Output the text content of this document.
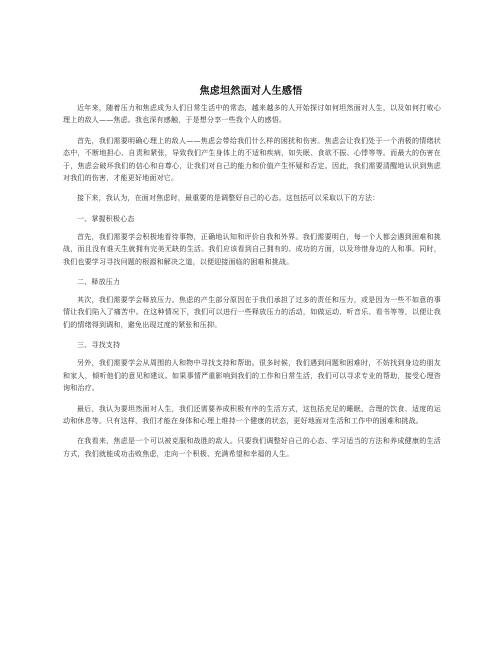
焦虑坦然面对人生感悟

近年来，随着压力和焦虑成为人们日常生活中的常态，越来越多的人开始探讨如何坦然面对人生，以及如何打败心理上的敌人——焦虑。我也深有感触，于是想分享一些我个人的感悟。

首先，我们需要明确心理上的敌人——焦虑会带给我们什么样的困扰和伤害。焦虑会让我们处于一个消极的情绪状态中，不断地担心、自责和紧张，导致我们产生身体上的不适和疾病，如失眠、食欲不振、心悸等等。而最大的伤害在于，焦虑会破坏我们的信心和自尊心，让我们对自己的能力和价值产生怀疑和否定。因此，我们需要清醒地认识到焦虑对我们的伤害，才能更好地面对它。

接下来，我认为，在面对焦虑时，最重要的是调整好自己的心态。这包括可以采取以下的方法：

一、掌握积极心态

首先，我们需要学会积极地看待事物，正确地认知和评价自我和外界。我们需要明白，每一个人都会遇到困难和挑战，而且没有谁天生就拥有完美无缺的生活。我们应该看到自己拥有的、成功的方面，以及珍惜身边的人和事。同时，我们也要学习寻找问题的根源和解决之道，以便迎接面临的困难和挑战。

二、释放压力

其次，我们需要学会释放压力。焦虑的产生部分原因在于我们承担了过多的责任和压力，或是因为一些不如意的事情让我们陷入了痛苦中。在这种情况下，我们可以进行一些释放压力的活动，如做运动、听音乐、看书等等，以便让我们的情绪得到调和，避免出现过度的紧张和压抑。

三、寻找支持

另外，我们需要学会从周围的人和物中寻找支持和帮助。很多时候，我们遇到问题和困难时，不妨找到身边的朋友和家人，倾听他们的意见和建议。如果事情严重影响到我们的工作和日常生活，我们可以寻求专业的帮助，接受心理咨询和治疗。

最后，我认为要坦然面对人生，我们还需要养成积极有序的生活方式，这包括充足的睡眠、合理的饮食、适度的运动和休息等。只有这样，我们才能在身体和心理上维持一个健康的状态，更好地面对生活和工作中的困难和挑战。

在我看来，焦虑是一个可以被克服和战胜的敌人。只要我们调整好自己的心态、学习适当的方法和养成健康的生活方式，我们就能成功击败焦虑，走向一个积极、充满希望和幸福的人生。
